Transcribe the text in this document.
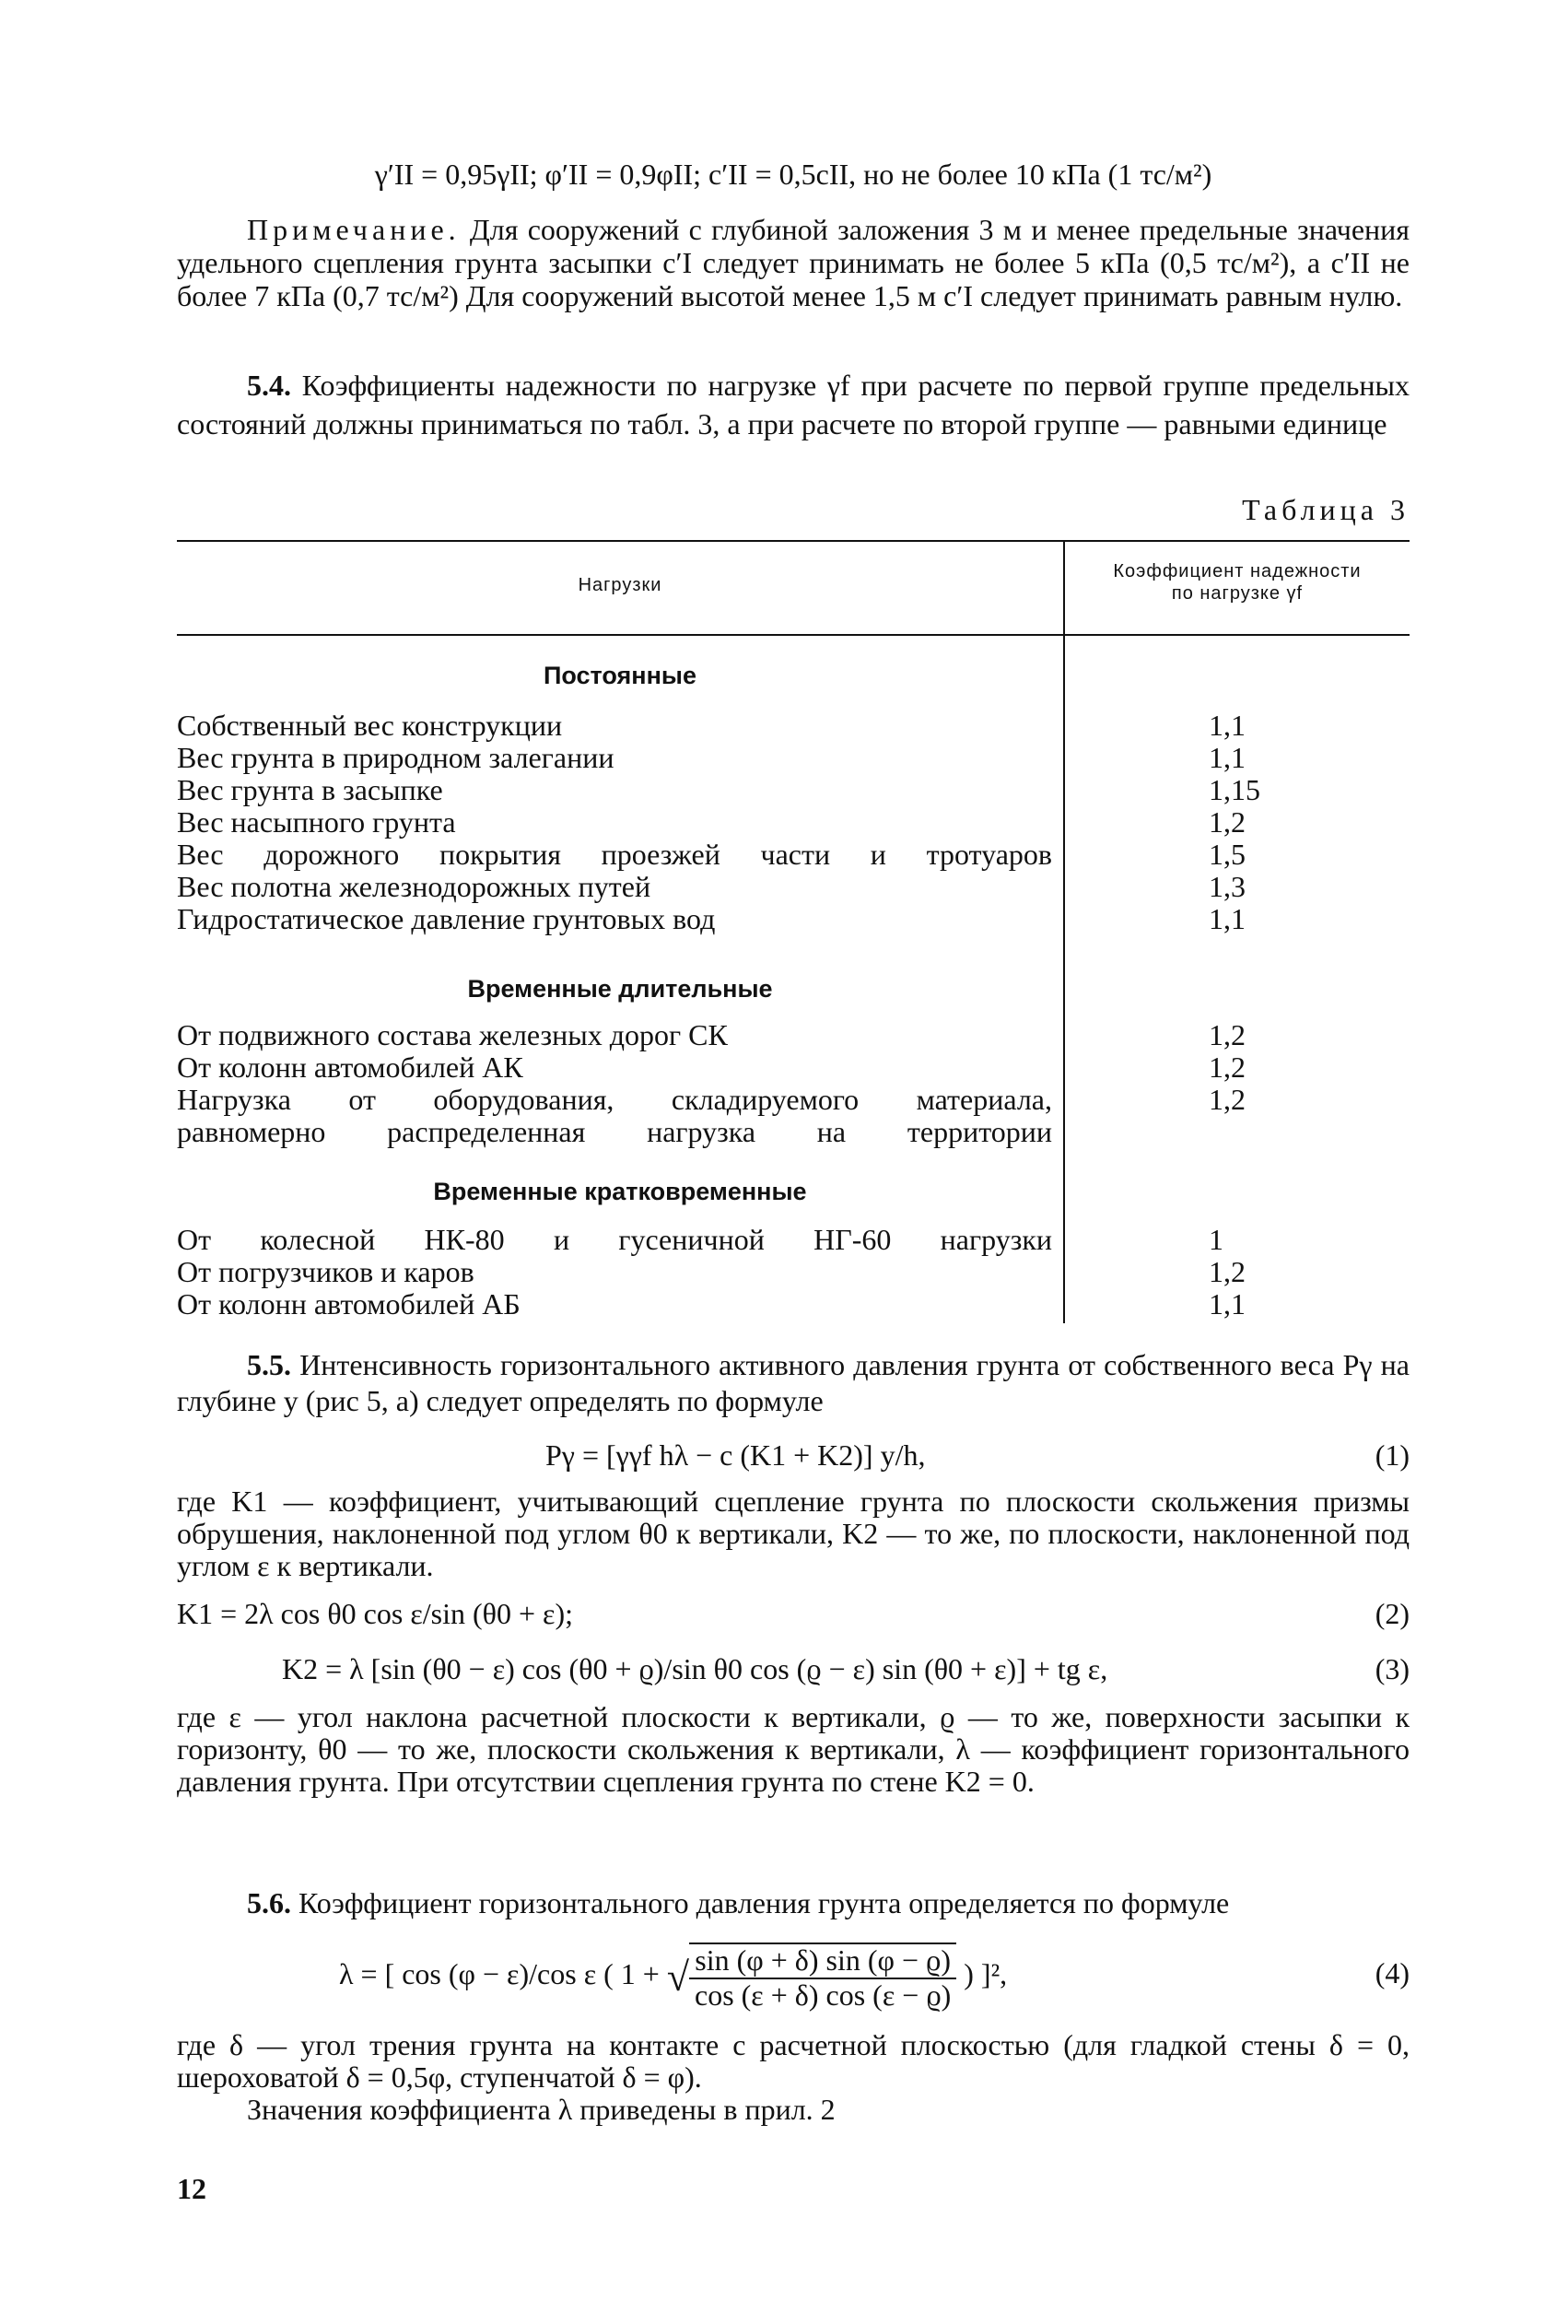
γ′II = 0,95γII; φ′II = 0,9φII; c′II = 0,5cII, но не более 10 кПа (1 тс/м²)

Примечание. Для сооружений с глубиной заложения 3 м и менее предельные значения удельного сцепления грунта засыпки c′I следует принимать не более 5 кПа (0,5 тс/м²), а c′II не более 7 кПа (0,7 тс/м²) Для сооружений высотой менее 1,5 м c′I следует принимать равным нулю.

5.4. Коэффициенты надежности по нагрузке γf при расчете по первой группе предельных состояний должны приниматься по табл. 3, а при расчете по второй группе — равными единице

Таблица 3
Нагрузки
Коэффициент надежности
по нагрузке γf
Постоянные
Собственный вес конструкции	1,1
Вес грунта в природном залегании	1,1
Вес грунта в засыпке	1,15
Вес насыпного грунта	1,2
Вес дорожного покрытия проезжей части и тротуаров	1,5
Вес полотна железнодорожных путей	1,3
Гидростатическое давление грунтовых вод	1,1
Временные длительные
От подвижного состава железных дорог СК	1,2
От колонн автомобилей АК	1,2
Нагрузка от оборудования, складируемого материала,	1,2
равномерно распределенная нагрузка на территории
Временные кратковременные
От колесной НК-80 и гусеничной НГ-60 нагрузки	1
От погрузчиков и каров	1,2
От колонн автомобилей АБ	1,1

5.5. Интенсивность горизонтального активного давления грунта от собственного веса Pγ на глубине y (рис 5, а) следует определять по формуле

Pγ = [γγf hλ − c (K1 + K2)] y/h,	(1)

где K1 — коэффициент, учитывающий сцепление грунта по плоскости скольжения призмы обрушения, наклоненной под углом θ0 к вертикали, K2 — то же, по плоскости, наклоненной под углом ε к вертикали.

K1 = 2λ cos θ0 cos ε/sin (θ0 + ε);	(2)
K2 = λ [sin (θ0 − ε) cos (θ0 + ϱ)/sin θ0 cos (ϱ − ε) sin (θ0 + ε)] + tg ε,	(3)

где ε — угол наклона расчетной плоскости к вертикали, ϱ — то же, поверхности засыпки к горизонту, θ0 — то же, плоскости скольжения к вертикали, λ — коэффициент горизонтального давления грунта. При отсутствии сцепления грунта по стене K2 = 0.

5.6. Коэффициент горизонтального давления грунта определяется по формуле

λ = [ cos (φ − ε)/cos ε ( 1 + √ $\frac{\sin (\varphi + \delta) \sin (\varphi - ϱ)}{\cos (\varepsilon + \delta) \cos (\varepsilon - ϱ)}$ ) ]²,	(4)

где δ — угол трения грунта на контакте с расчетной плоскостью (для гладкой стены δ = 0, шероховатой δ = 0,5φ, ступенчатой δ = φ).

Значения коэффициента λ приведены в прил. 2

12
